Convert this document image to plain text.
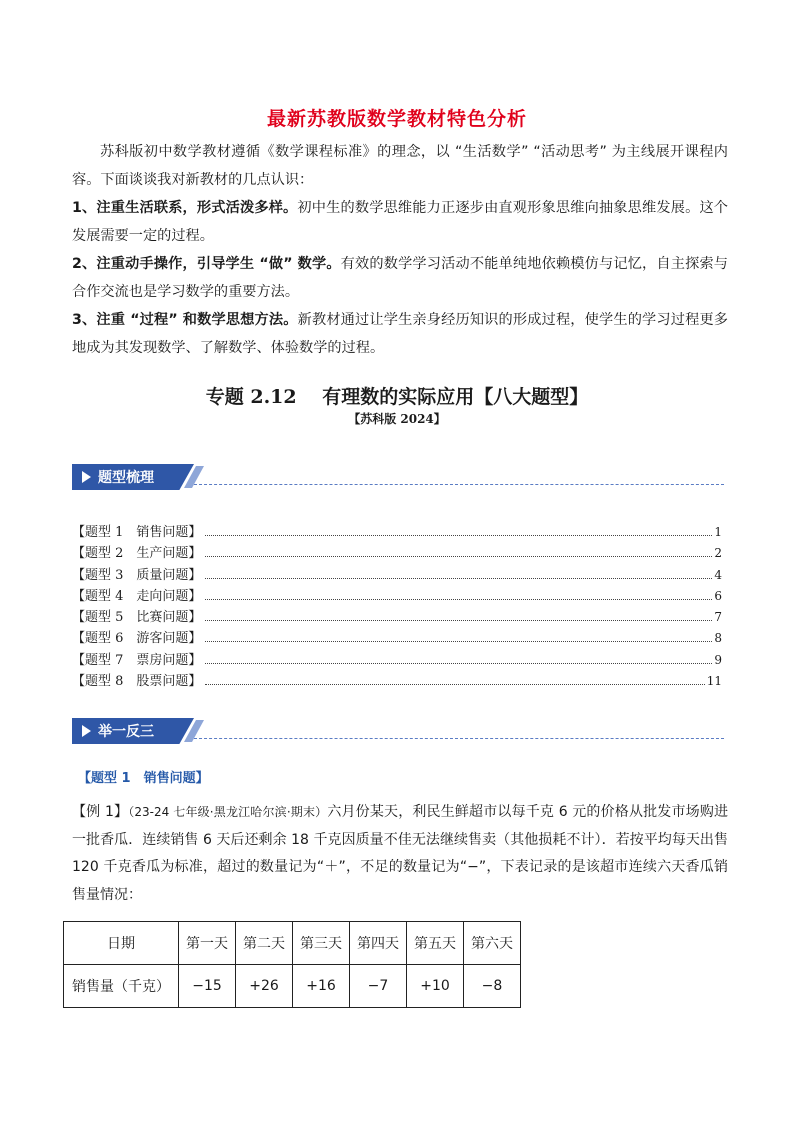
最新苏教版数学教材特色分析

苏科版初中数学教材遵循《数学课程标准》的理念，以 “生活数学” “活动思考” 为主线展开课程内容。下面谈谈我对新教材的几点认识：

1、注重生活联系，形式活泼多样。初中生的数学思维能力正逐步由直观形象思维向抽象思维发展。这个发展需要一定的过程。

2、注重动手操作，引导学生 “做” 数学。有效的数学学习活动不能单纯地依赖模仿与记忆，自主探索与合作交流也是学习数学的重要方法。

3、注重 “过程” 和数学思想方法。新教材通过让学生亲身经历知识的形成过程，使学生的学习过程更多地成为其发现数学、了解数学、体验数学的过程。

专题 2.12　 有理数的实际应用【八大题型】
【苏科版 2024】
题型梳理
【题型 1　销售问题】	1
【题型 2　生产问题】	2
【题型 3　质量问题】	4
【题型 4　走向问题】	6
【题型 5　比赛问题】	7
【题型 6　游客问题】	8
【题型 7　票房问题】	9
【题型 8　股票问题】	11
举一反三
【题型 1　销售问题】

【例 1】（23-24 七年级·黑龙江哈尔滨·期末）六月份某天，利民生鲜超市以每千克 6 元的价格从批发市场购进一批香瓜．连续销售 6 天后还剩余 18 千克因质量不佳无法继续售卖（其他损耗不计）．若按平均每天出售 120 千克香瓜为标准，超过的数量记为“＋”，不足的数量记为“−”，下表记录的是该超市连续六天香瓜销售量情况：

日期	第一天	第二天	第三天	第四天	第五天	第六天
销售量（千克）	−15	+26	+16	−7	+10	−8
